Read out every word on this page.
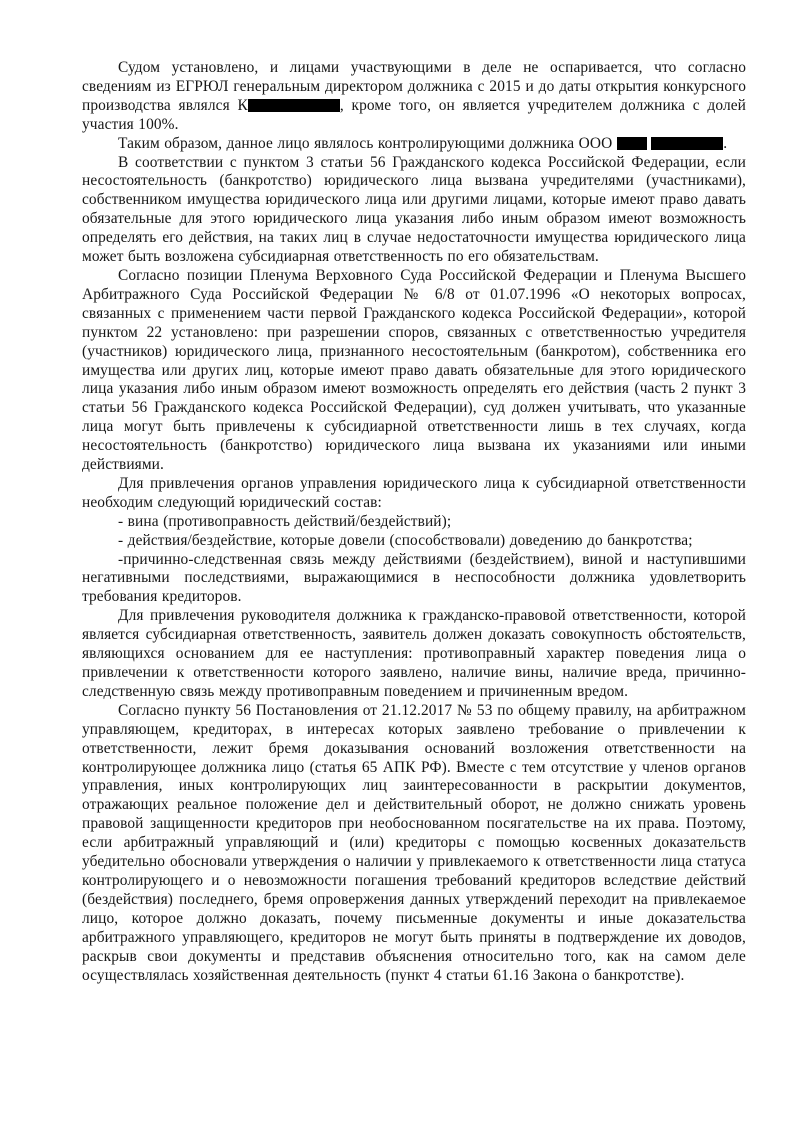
Судом установлено, и лицами участвующими в деле не оспаривается, что согласно сведениям из ЕГРЮЛ генеральным директором должника с 2015 и до даты открытия конкурсного производства являлся К	, кроме того, он является учредителем должника с долей участия 100%.

Таким образом, данное лицо являлось контролирующими должника ООО	.

В соответствии с пунктом 3 статьи 56 Гражданского кодекса Российской Федерации, если несостоятельность (банкротство) юридического лица вызвана учредителями (участниками), собственником имущества юридического лица или другими лицами, которые имеют право давать обязательные для этого юридического лица указания либо иным образом имеют возможность определять его действия, на таких лиц в случае недостаточности имущества юридического лица может быть возложена субсидиарная ответственность по его обязательствам.

Согласно позиции Пленума Верховного Суда Российской Федерации и Пленума Высшего Арбитражного Суда Российской Федерации № 6/8 от 01.07.1996 «О некоторых вопросах, связанных с применением части первой Гражданского кодекса Российской Федерации», которой пунктом 22 установлено: при разрешении споров, связанных с ответственностью учредителя (участников) юридического лица, признанного несостоятельным (банкротом), собственника его имущества или других лиц, которые имеют право давать обязательные для этого юридического лица указания либо иным образом имеют возможность определять его действия (часть 2 пункт 3 статьи 56 Гражданского кодекса Российской Федерации), суд должен учитывать, что указанные лица могут быть привлечены к субсидиарной ответственности лишь в тех случаях, когда несостоятельность (банкротство) юридического лица вызвана их указаниями или иными действиями.

Для привлечения органов управления юридического лица к субсидиарной ответственности необходим следующий юридический состав:

- вина (противоправность действий/бездействий);

- действия/бездействие, которые довели (способствовали) доведению до банкротства;

-причинно-следственная связь между действиями (бездействием), виной и наступившими негативными последствиями, выражающимися в неспособности должника удовлетворить требования кредиторов.

Для привлечения руководителя должника к гражданско-правовой ответственности, которой является субсидиарная ответственность, заявитель должен доказать совокупность обстоятельств, являющихся основанием для ее наступления: противоправный характер поведения лица о привлечении к ответственности которого заявлено, наличие вины, наличие вреда, причинно-следственную связь между противоправным поведением и причиненным вредом.

Согласно пункту 56 Постановления от 21.12.2017 № 53 по общему правилу, на арбитражном управляющем, кредиторах, в интересах которых заявлено требование о привлечении к ответственности, лежит бремя доказывания оснований возложения ответственности на контролирующее должника лицо (статья 65 АПК РФ). Вместе с тем отсутствие у членов органов управления, иных контролирующих лиц заинтересованности в раскрытии документов, отражающих реальное положение дел и действительный оборот, не должно снижать уровень правовой защищенности кредиторов при необоснованном посягательстве на их права. Поэтому, если арбитражный управляющий и (или) кредиторы с помощью косвенных доказательств убедительно обосновали утверждения о наличии у привлекаемого к ответственности лица статуса контролирующего и о невозможности погашения требований кредиторов вследствие действий (бездействия) последнего, бремя опровержения данных утверждений переходит на привлекаемое лицо, которое должно доказать, почему письменные документы и иные доказательства арбитражного управляющего, кредиторов не могут быть приняты в подтверждение их доводов, раскрыв свои документы и представив объяснения относительно того, как на самом деле осуществлялась хозяйственная деятельность (пункт 4 статьи 61.16 Закона о банкротстве).
